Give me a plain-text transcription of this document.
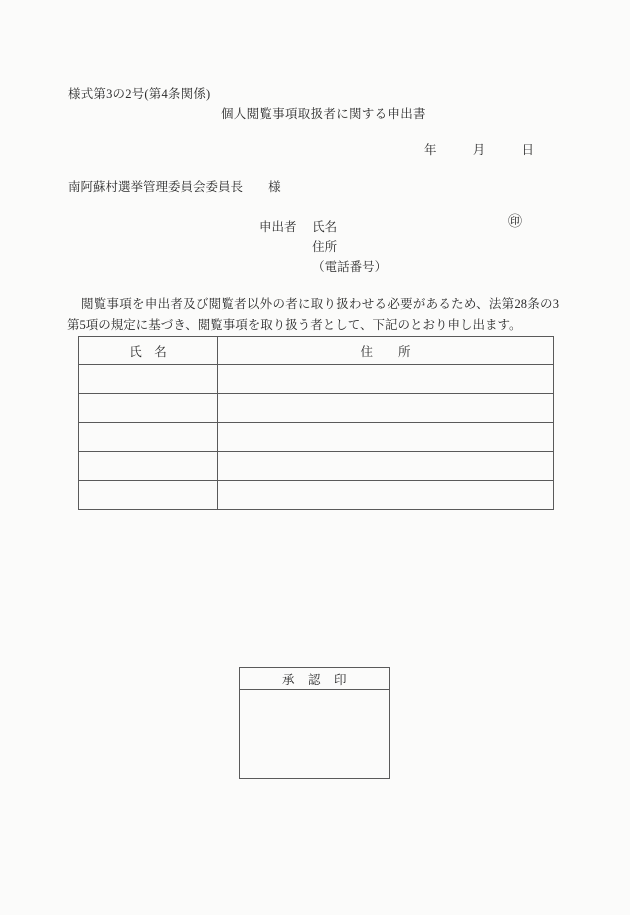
様式第3の2号(第4条関係)
個人閲覧事項取扱者に関する申出書
年	月	日
南阿蘇村選挙管理委員会委員長 様
申出者 氏名	㊞
住所
（電話番号）
閲覧事項を申出者及び閲覧者以外の者に取り扱わせる必要があるため、法第28条の3第5項の規定に基づき、閲覧事項を取り扱う者として、下記のとおり申し出ます。
氏　名	住　　所

承　認　印
